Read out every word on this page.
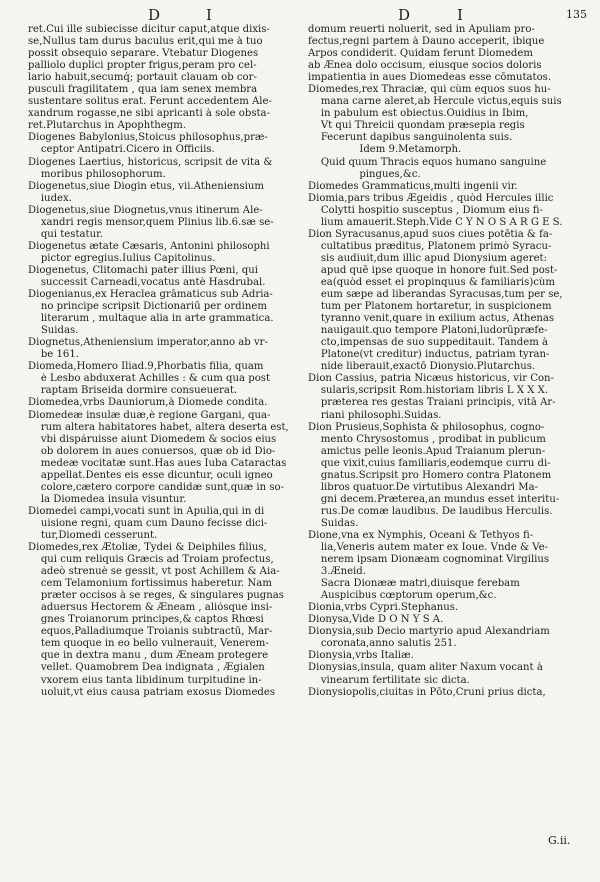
D	I	D	I	135
ret.Cui ille subiecisse dicitur caput,atque dixis-
se,Nullus tam durus baculus erit,qui me à tuo
possit obsequio separare. Vtebatur Diogenes
palliolo duplici propter frigus,peram pro cel-
lario habuit,secumq́; portauit clauam ob cor-
pusculi fragilitatem , qua iam senex membra
sustentare solitus erat. Ferunt accedentem Ale-
xandrum rogasse,ne sibi apricanti à sole obsta-
ret.Plutarchus in Apophthegm.
Diogenes Babylonius,Stoicus philosophus,præ-
ceptor Antipatri.Cicero in Officiis.
Diogenes Laertius, historicus, scripsit de vita &
moribus philosophorum.
Diogenetus,siue Diogin etus, vii.Atheniensium
iudex.
Diogenetus,siue Diognetus,vnus itinerum Ale-
xandri regis mensor,quem Plinius lib.6.sæ se-
qui testatur.
Diogenetus ætate Cæsaris, Antonini philosophi
pictor egregius.Iulius Capitolinus.
Diogenetus, Clitomachi pater illius Pœni, qui
successit Carneadi,vocatus antè Hasdrubal.
Diogenianus,ex Heraclea grāmaticus sub Adria-
no principe scripsit Dictionariū per ordinem
literarum , multaque alia in arte grammatica.
Suidas.
Diognetus,Atheniensium imperator,anno ab vr-
be 161.
Diomeda,Homero Iliad.9,Phorbatis filia, quam
è Lesbo abduxerat Achilles : & cum qua post
raptam Briseida dormire consueuerat.
Diomedea,vrbs Dauniorum,à Diomede condita.
Diomedeæ insulæ duæ,è regione Gargani, qua-
rum altera habitatores habet, altera deserta est,
vbi dispáruisse aiunt Diomedem & socios eius
ob dolorem in aues conuersos, quæ ob id Dio-
medeæ vocitatæ sunt.Has aues Iuba Cataractas
appellat.Dentes eis esse dicuntur, oculi igneo
colore,cætero corpore candidæ sunt,quæ in so-
la Diomedea insula visuntur.
Diomedei campi,vocati sunt in Apulia,qui in di
uisione regni, quam cum Dauno fecisse dici-
tur,Diomedi cesserunt.
Diomedes,rex Ætoliæ, Tydei & Deiphiles filius,
qui cum reliquis Græcis ad Troiam profectus,
adeò strenuè se gessit, vt post Achillem & Aia-
cem Telamonium fortissimus haberetur. Nam
præter occisos à se reges, & singulares pugnas
aduersus Hectorem & Æneam , aliósque insi-
gnes Troianorum principes,& captos Rhœsi
equos,Palladiumque Troianis subtractū, Mar-
tem quoque in eo bello vulnerauit, Venerem-
que in dextra manu , dum Æneam protegere
vellet. Quamobrem Dea indignata , Ægialen
vxorem eius tanta libidinum turpitudine in-
uoluit,vt eius causa patriam exosus Diomedes
domum reuerti noluerit, sed in Apuliam pro-
fectus,regni partem à Dauno acceperit, ibique
Arpos condiderit. Quidam ferunt Diomedem
ab Ænea dolo occisum, eiusque socios doloris
impatientia in aues Diomedeas esse cōmutatos.
Diomedes,rex Thraciæ, qui cùm equos suos hu-
mana carne aleret,ab Hercule victus,equis suis
in pabulum est obiectus.Ouidius in Ibim,
Vt qui Threicii quondam præsepia regis
Fecerunt dapibus sanguinolenta suis.
Idem 9.Metamorph.
Quid quum Thracis equos humano sanguine
pingues,&c.
Diomedes Grammaticus,multi ingenii vir.
Diomia,pars tribus Ægeidis , quòd Hercules illic
Colytti hospitio susceptus , Diomum eius fi-
lium amauerit.Steph.Vide C Y N O S A R G E S.
Dion Syracusanus,apud suos ciues potētia & fa-
cultatibus præditus, Platonem primò Syracu-
sis audiuit,dum illic apud Dionysium ageret:
apud quē ipse quoque in honore fuit.Sed post-
ea(quòd esset ei propinquus & familiaris)cùm
eum sæpe ad liberandas Syracusas,tum per se,
tum per Platonem hortaretur, in suspicionem
tyranno venit,quare in exilium actus, Athenas
nauigauit.quo tempore Platoni,ludorūpræfe-
cto,impensas de suo suppeditauit. Tandem à
Platone(vt creditur) inductus, patriam tyran-
nide liberauit,exactō Dionysio.Plutarchus.
Dion Cassius, patria Nicæus historicus, vir Con-
sularis,scripsit Rom.historiam libris L X X X.
præterea res gestas Traiani principis, vitā Ar-
riani philosophi.Suidas.
Dion Prusieus,Sophista & philosophus, cogno-
mento Chrysostomus , prodibat in publicum
amictus pelle leonis.Apud Traianum plerun-
que vixit,cuius familiaris,eodemque curru di-
gnatus.Scripsit pro Homero contra Platonem
libros quatuor.De virtutibus Alexandri Ma-
gni decem.Præterea,an mundus esset interitu-
rus.De comæ laudibus. De laudibus Herculis.
Suidas.
Dione,vna ex Nymphis, Oceani & Tethyos fi-
lia,Veneris autem mater ex Ioue. Vnde & Ve-
nerem ipsam Dionæam cognominat Virgilius
3.Æneid.
Sacra Dionææ matri,diuisque ferebam
Auspicibus cœptorum operum,&c.
Dionia,vrbs Cypri.Stephanus.
Dionysa,Vide D O N Y S A.
Dionysia,sub Decio martyrio apud Alexandriam
coronata,anno salutis 251.
Dionysia,vrbs Italiæ.
Dionysias,insula, quam aliter Naxum vocant à
vinearum fertilitate sic dicta.
Dionysiopolis,ciuitas in Pōto,Cruni prius dicta,
G.ii.
